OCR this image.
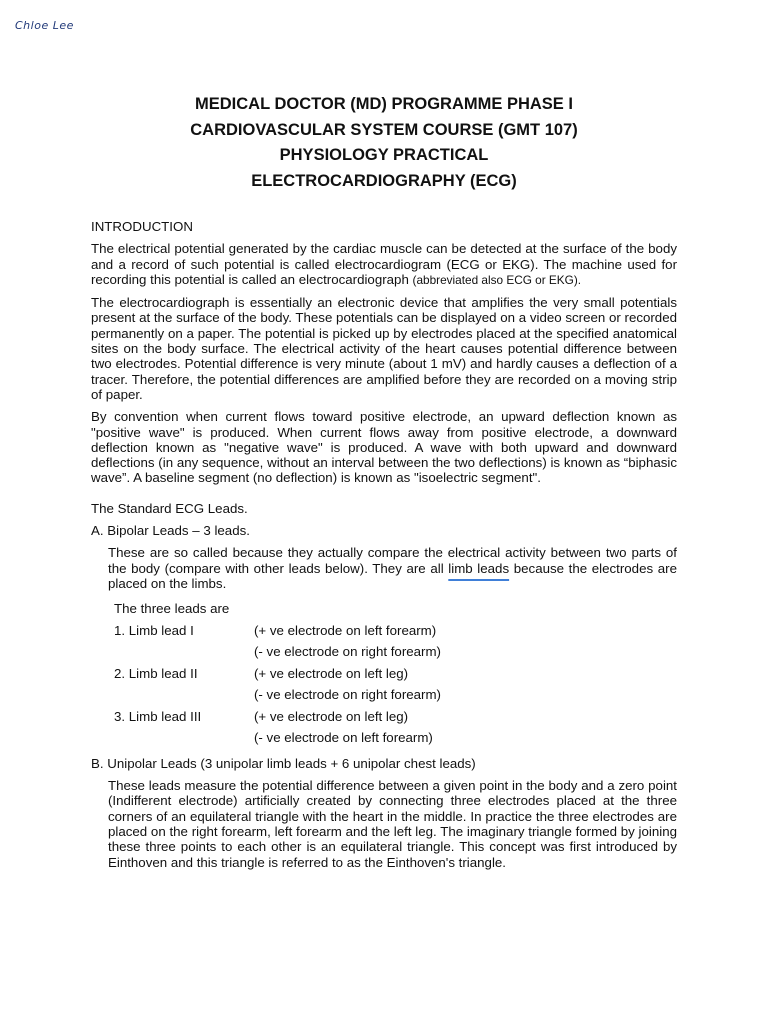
Chloe Lee
MEDICAL DOCTOR (MD) PROGRAMME PHASE I
CARDIOVASCULAR SYSTEM COURSE (GMT 107)
PHYSIOLOGY PRACTICAL
ELECTROCARDIOGRAPHY (ECG)
INTRODUCTION
The electrical potential generated by the cardiac muscle can be detected at the surface of the body and a record of such potential is called electrocardiogram (ECG or EKG). The machine used for recording this potential is called an electrocardiograph (abbreviated also ECG or EKG).
The electrocardiograph is essentially an electronic device that amplifies the very small potentials present at the surface of the body. These potentials can be displayed on a video screen or recorded permanently on a paper. The potential is picked up by electrodes placed at the specified anatomical sites on the body surface. The electrical activity of the heart causes potential difference between two electrodes. Potential difference is very minute (about 1 mV) and hardly causes a deflection of a tracer. Therefore, the potential differences are amplified before they are recorded on a moving strip of paper.
By convention when current flows toward positive electrode, an upward deflection known as "positive wave" is produced. When current flows away from positive electrode, a downward deflection known as "negative wave" is produced. A wave with both upward and downward deflections (in any sequence, without an interval between the two deflections) is known as “biphasic wave”. A baseline segment (no deflection) is known as "isoelectric segment".
The Standard ECG Leads.
A. Bipolar Leads – 3 leads.
These are so called because they actually compare the electrical activity between two parts of the body (compare with other leads below). They are all limb leads because the electrodes are placed on the limbs.
The three leads are
1. Limb lead I	(+ ve electrode on left forearm)
(- ve electrode on right forearm)
2. Limb lead II	(+ ve electrode on left leg)
(- ve electrode on right forearm)
3. Limb lead III	(+ ve electrode on left leg)
(- ve electrode on left forearm)
B. Unipolar Leads (3 unipolar limb leads + 6 unipolar chest leads)
These leads measure the potential difference between a given point in the body and a zero point (Indifferent electrode) artificially created by connecting three electrodes placed at the three corners of an equilateral triangle with the heart in the middle. In practice the three electrodes are placed on the right forearm, left forearm and the left leg. The imaginary triangle formed by joining these three points to each other is an equilateral triangle. This concept was first introduced by Einthoven and this triangle is referred to as the Einthoven's triangle.
